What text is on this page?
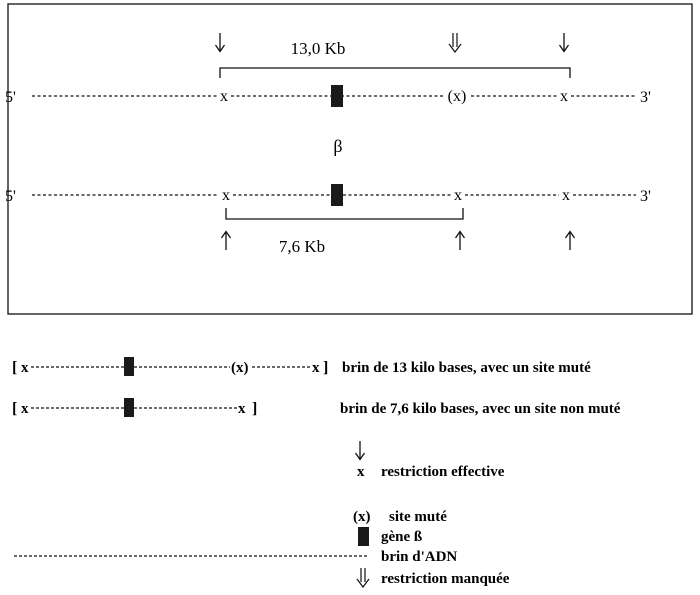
13,0 Kb
5'	x	(x)	x	3'
β
5'	x	x	x	3'
7,6 Kb
[ x	(x)	x ] brin de 13 kilo bases, avec un site muté
[ x	x ]	brin de 7,6 kilo bases, avec un site non muté
x restriction effective
(x) site muté
gène ß
brin d'ADN
restriction manquée
